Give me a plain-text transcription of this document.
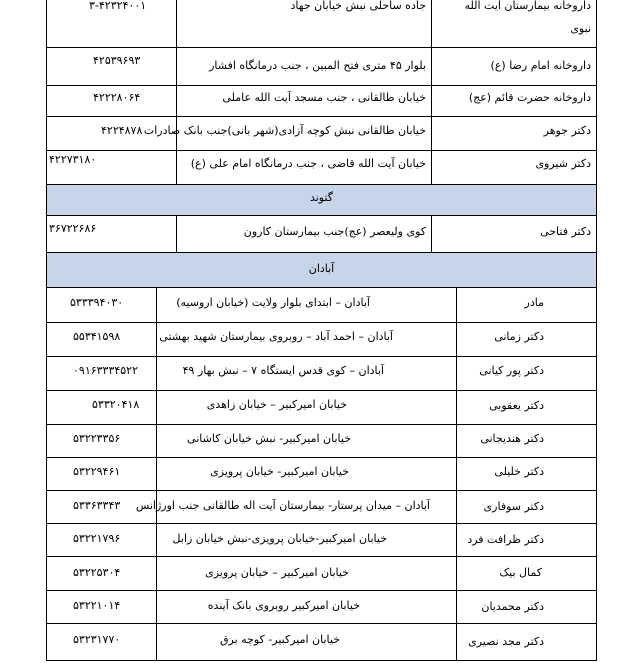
داروخانه بیمارستان آیت الله
نبوی
جاده ساحلی نبش خیابان جهاد
۳-۴۲۳۲۴۰۰۱
داروخانه امام رضا (ع)
بلوار ۴۵ متری فتح المبین ، جنب درمانگاه افشار
۴۲۵۳۹۶۹۳
داروخانه حضرت قائم (عج)
خیابان طالقانی ، جنب مسجد آیت الله عاملی
۴۲۲۲۸۰۶۴
دکتر جوهر
خیابان طالقانی نبش کوچه آزادی(شهر بانی)جنب بانک صادرات
۴۲۲۴۸۷۸
دکتر شیروی
خیابان آیت الله قاضی ، جنب درمانگاه امام علی (ع)
۴۲۲۷۳۱۸۰
گتوند
دکتر فتاحی
کوی ولیعصر (عج)جنب بیمارستان کارون
۳۶۷۲۲۶۸۶
آبادان
مادر
آبادان – ابتدای بلوار ولایت (خیابان اروسیه)
۵۳۳۳۹۴۰۳۰
دکتر زمانی
آبادان – احمد آباد – روبروی بیمارستان شهید بهشتی
۵۵۳۴۱۵۹۸
دکتر پور کیانی
آبادان – کوی قدس ایستگاه ۷ – نبش بهار ۴۹
۰۹۱۶۳۳۳۴۵۲۲
دکتر یعقوبی
خیابان امیرکبیر – خیابان زاهدی
۵۳۳۲۰۴۱۸
دکتر هندیجانی
خیابان امیرکبیر- نبش خیابان کاشانی
۵۳۲۲۳۳۵۶
دکتر خلیلی
خیابان امیرکبیر- خیابان پرویزی
۵۳۲۲۹۴۶۱
دکتر سوفاری
آبادان – میدان پرستار- بیمارستان آیت اله طالقانی جنب اورژانس
۵۳۳۶۳۳۴۳
دکتر ظرافت فرد
خیابان امیرکبیر-خیابان پرویزی-نبش خیابان زابل
۵۳۲۲۱۷۹۶
کمال بیک
خیابان امیرکبیر – خیابان پرویزی
۵۳۲۲۵۳۰۴
دکتر محمدیان
خیابان امیرکبیر روبروی بانک آینده
۵۳۲۲۱۰۱۴
دکتر مجد نصیری
خیابان امیرکبیر- کوچه برق
۵۳۲۳۱۷۷۰
